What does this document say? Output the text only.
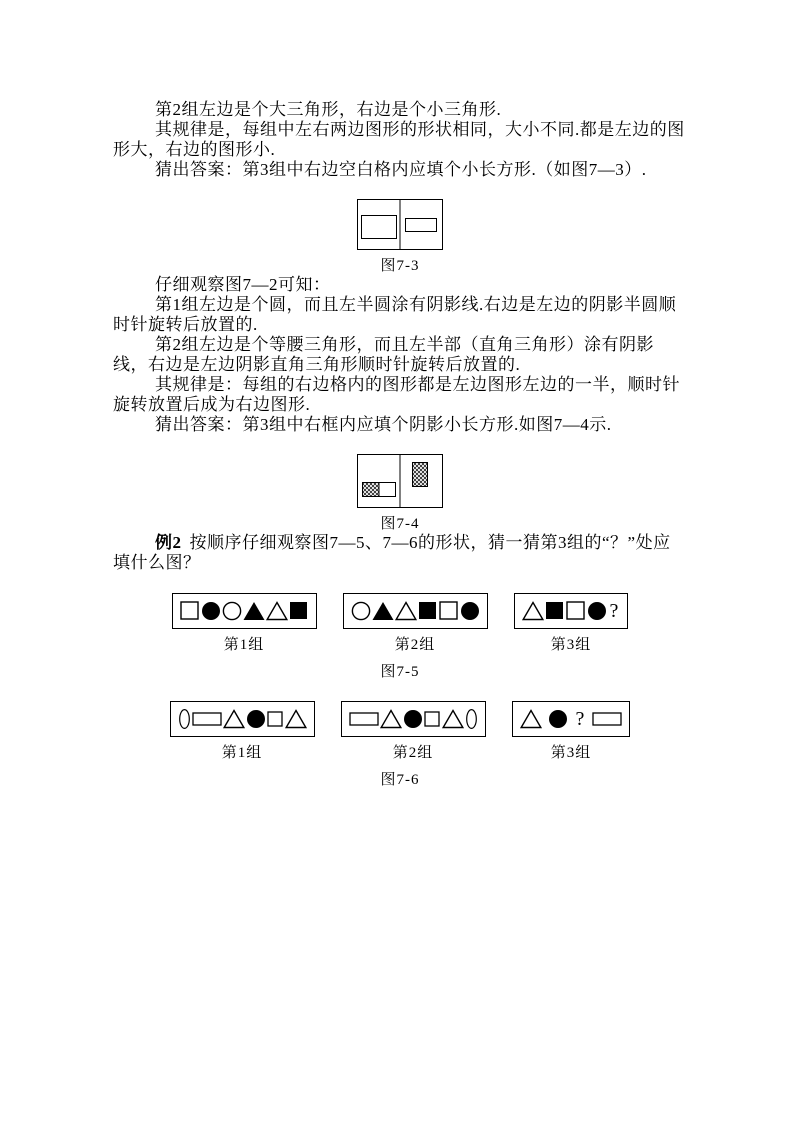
第2组左边是个大三角形，右边是个小三角形.

其规律是，每组中左右两边图形的形状相同，大小不同.都是左边的图形大，右边的图形小.

猜出答案：第3组中右边空白格内应填个小长方形.（如图7—3）.

图7-3

仔细观察图7—2可知：

第1组左边是个圆，而且左半圆涂有阴影线.右边是左边的阴影半圆顺时针旋转后放置的.

第2组左边是个等腰三角形，而且左半部（直角三角形）涂有阴影线，右边是左边阴影直角三角形顺时针旋转后放置的.

其规律是：每组的右边格内的图形都是左边图形左边的一半，顺时针旋转放置后成为右边图形.

猜出答案：第3组中右框内应填个阴影小长方形.如图7—4示.

图7-4

例2 按顺序仔细观察图7—5、7—6的形状，猜一猜第3组的“？”处应填什么图？

第1组	第2组
?
第3组
图7-5
第1组	第2组
?
第3组
图7-6
